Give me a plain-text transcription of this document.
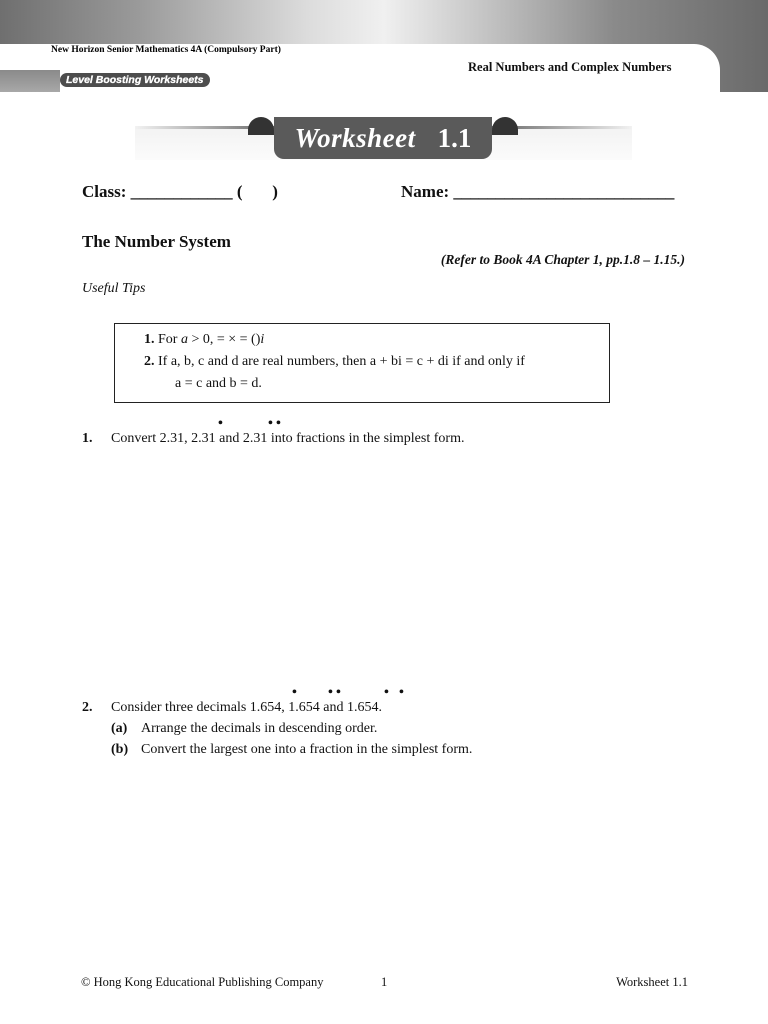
New Horizon Senior Mathematics 4A (Compulsory Part)
Level Boosting Worksheets
Real Numbers and Complex Numbers
Worksheet 1.1
Class: ____________ (       )	Name: __________________________
The Number System
(Refer to Book 4A Chapter 1, pp.1.8 – 1.15.)
Useful Tips
1. For a > 0, = × = ()i
2. If a, b, c and d are real numbers, then a + bi = c + di if and only if
a = c and b = d.
•	• •
1. Convert 2.31, 2.31 and 2.31 into fractions in the simplest form.
• • •	• •
2. Consider three decimals 1.654, 1.654 and 1.654.
(a) Arrange the decimals in descending order.
(b) Convert the largest one into a fraction in the simplest form.
© Hong Kong Educational Publishing Company	1	Worksheet 1.1
